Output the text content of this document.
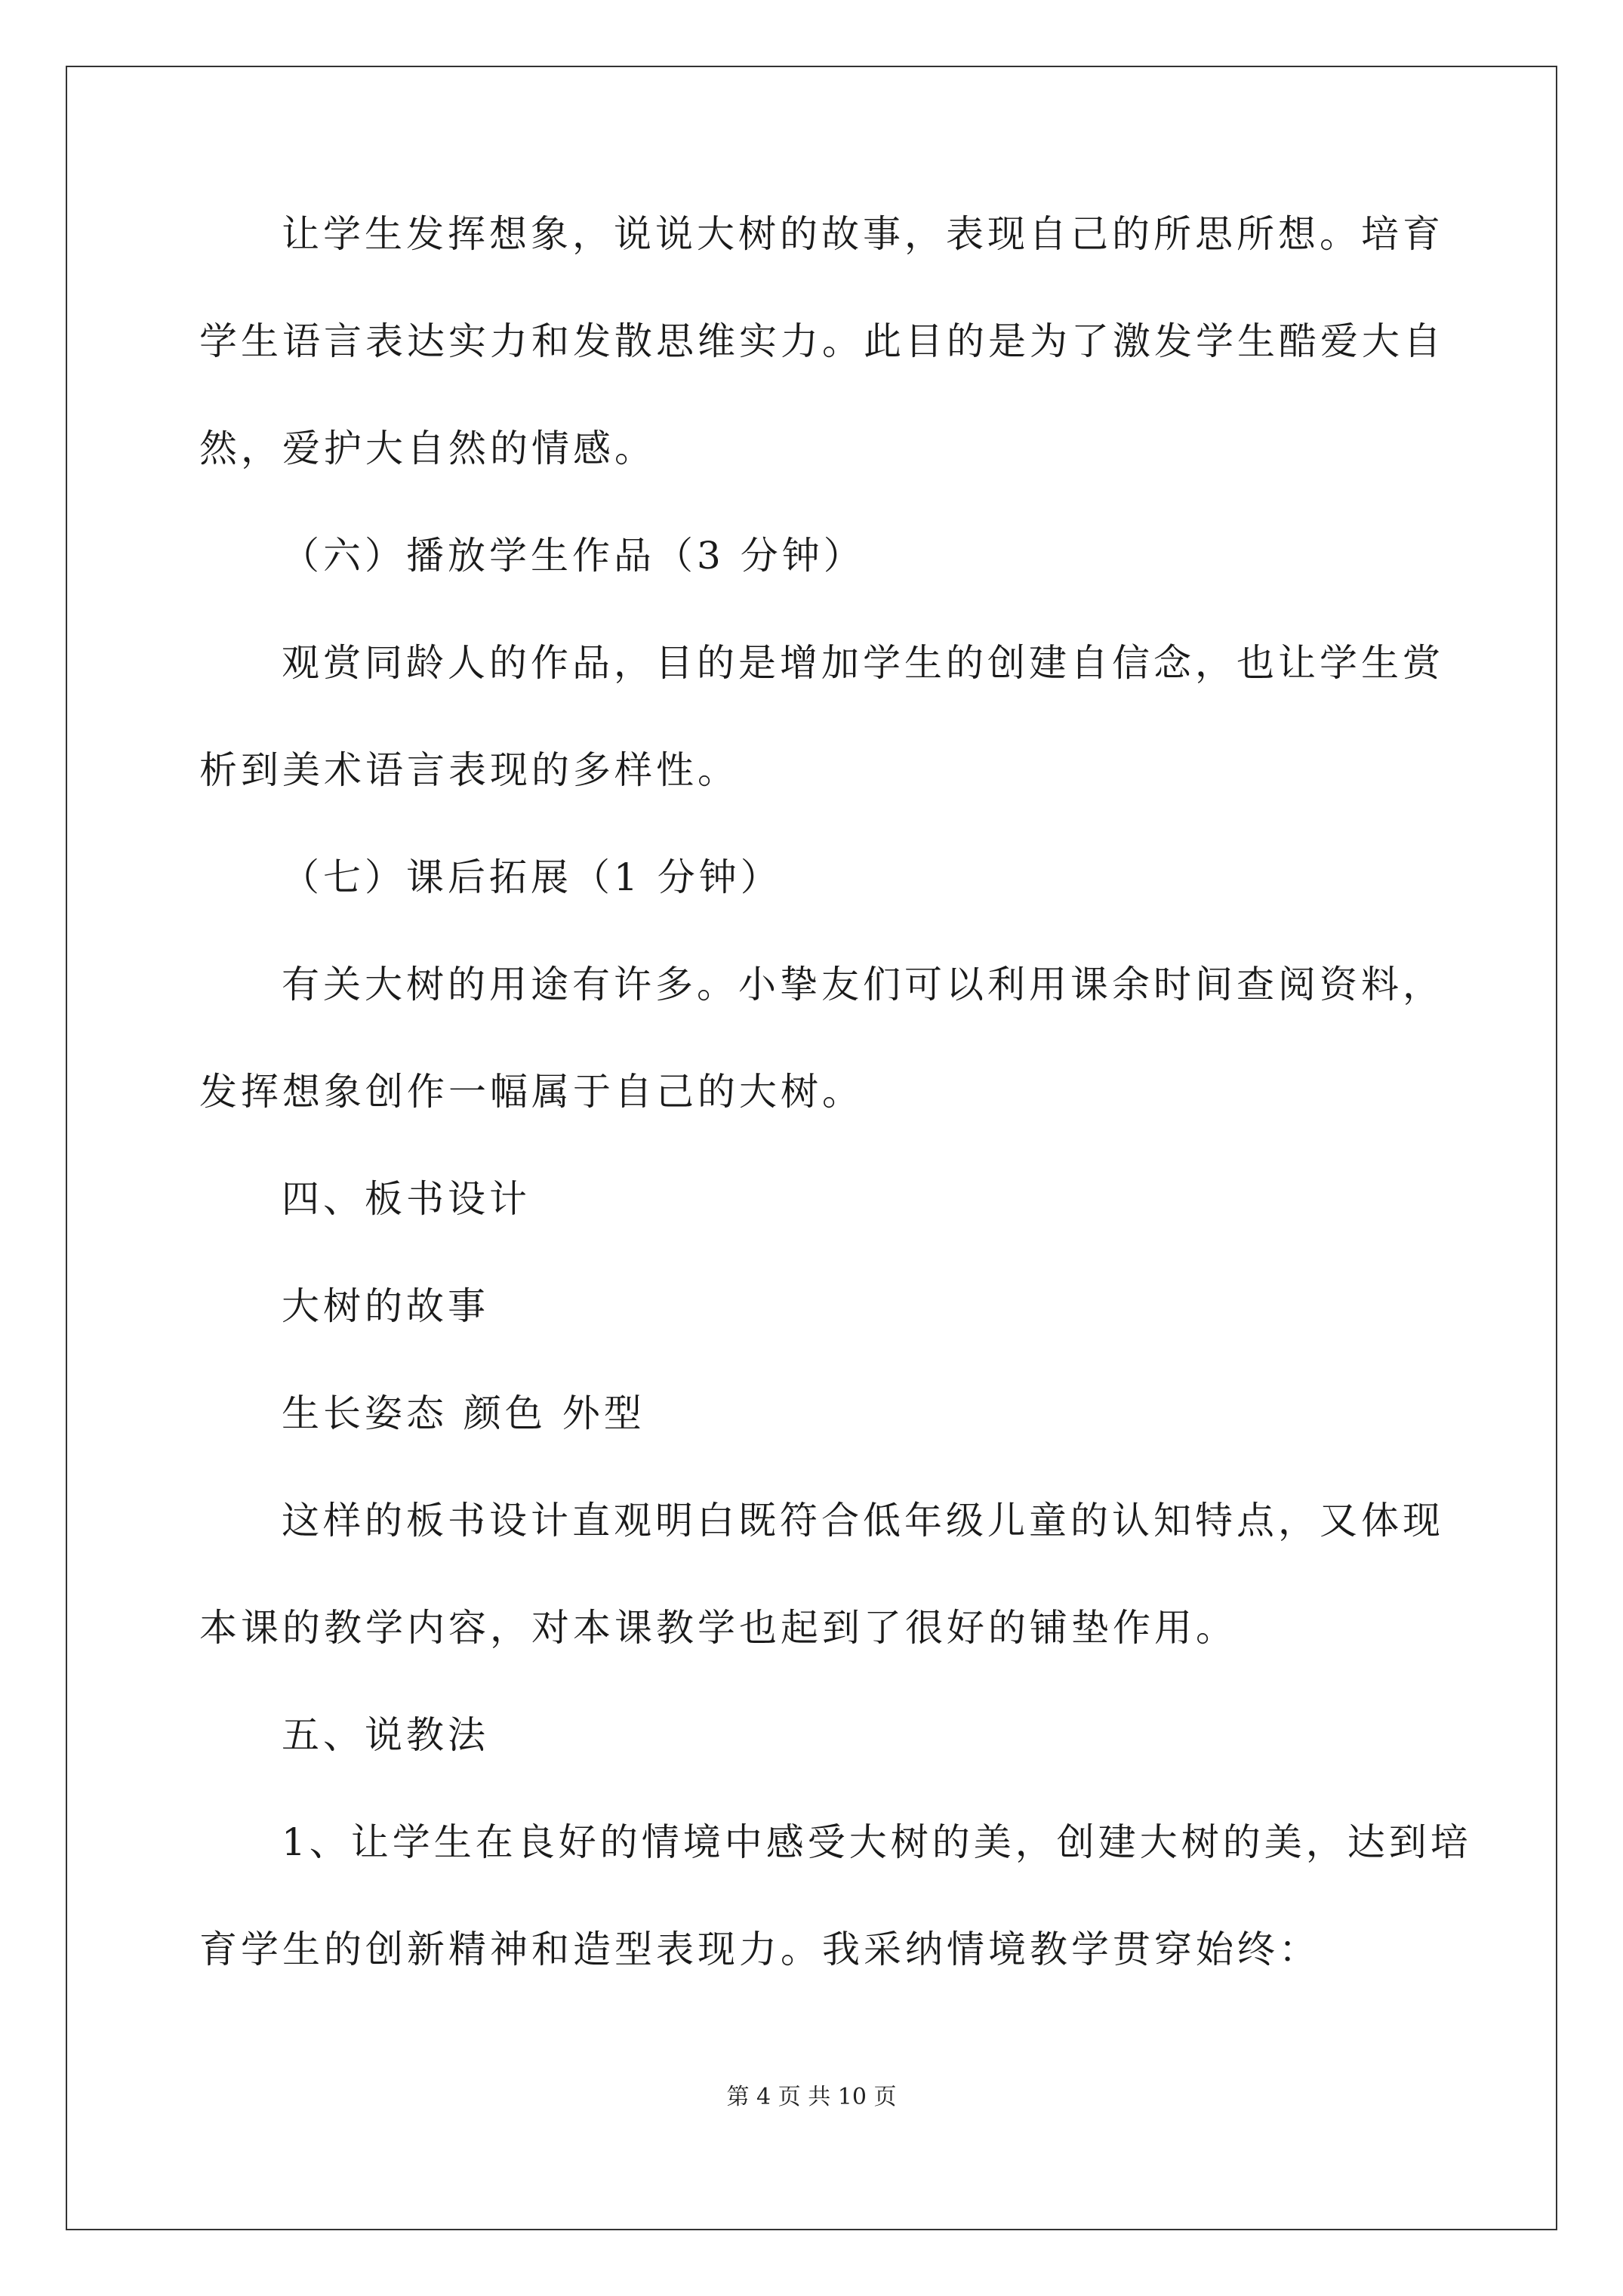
让学生发挥想象，说说大树的故事，表现自己的所思所想。培育
学生语言表达实力和发散思维实力。此目的是为了激发学生酷爱大自
然，爱护大自然的情感。
（六）播放学生作品（3 分钟）
观赏同龄人的作品，目的是增加学生的创建自信念，也让学生赏
析到美术语言表现的多样性。
（七）课后拓展（1 分钟）
有关大树的用途有许多。小挚友们可以利用课余时间查阅资料，
发挥想象创作一幅属于自己的大树。
四、板书设计
大树的故事
生长姿态 颜色 外型
这样的板书设计直观明白既符合低年级儿童的认知特点，又体现
本课的教学内容，对本课教学也起到了很好的铺垫作用。
五、说教法
1、让学生在良好的情境中感受大树的美，创建大树的美，达到培
育学生的创新精神和造型表现力。我采纳情境教学贯穿始终：
第 4 页 共 10 页
